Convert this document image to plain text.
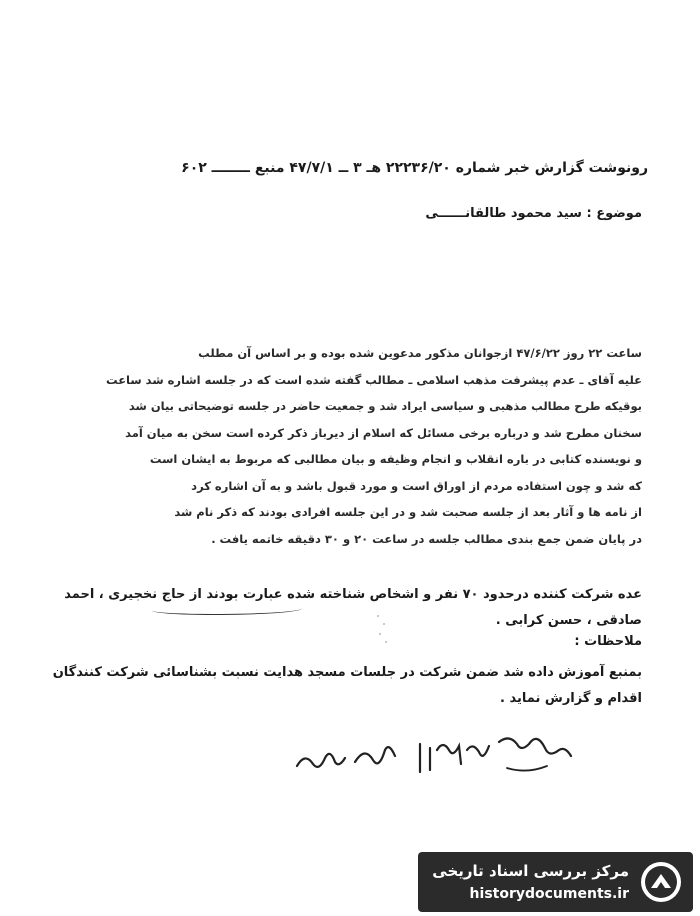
رونوشت گزارش خبر شماره ۲۲۲۳۶/۲۰ هـ ۳ ــ ۴۷/۷/۱ منبع ــــــــ ۶۰۲
موضوع : سید محمود طالقانــــــی
ساعت ۲۲ روز ۴۷/۶/۲۲ ازجوانان مذکور مدعوین شده بوده و بر اساس آن مطلب
علیه آقای ـ عدم پیشرفت مذهب اسلامی ـ مطالب گفته شده است که در جلسه اشاره شد ساعت
بوقیکه طرح مطالب مذهبی و سیاسی ایراد شد و جمعیت حاضر در جلسه توضیحاتی بیان شد
سخنان مطرح شد و درباره برخی مسائل که اسلام از دیرباز ذکر کرده است سخن به میان آمد
و نویسنده کتابی در باره انقلاب و انجام وظیفه و بیان مطالبی که مربوط به ایشان است
که شد و چون استفاده مردم از اوراق است و مورد قبول باشد و به آن اشاره کرد
از نامه ها و آثار بعد از جلسه صحبت شد و در این جلسه افرادی بودند که ذکر نام شد
در پایان ضمن جمع بندی مطالب جلسه در ساعت ۲۰ و ۳۰ دقیقه خاتمه یافت .
عده شرکت کننده درحدود ۷۰ نفر و اشخاص شناخته شده عبارت بودند از حاج نخجیری ، احمد
صادقی ، حسن کرابی .
ملاحظات :
بمنبع آموزش داده شد ضمن شرکت در جلسات مسجد هدایت نسبت بشناسائی شرکت کنندگان
اقدام و گزارش نماید .
مرکز بررسی اسناد تاریخی
historydocuments.ir
